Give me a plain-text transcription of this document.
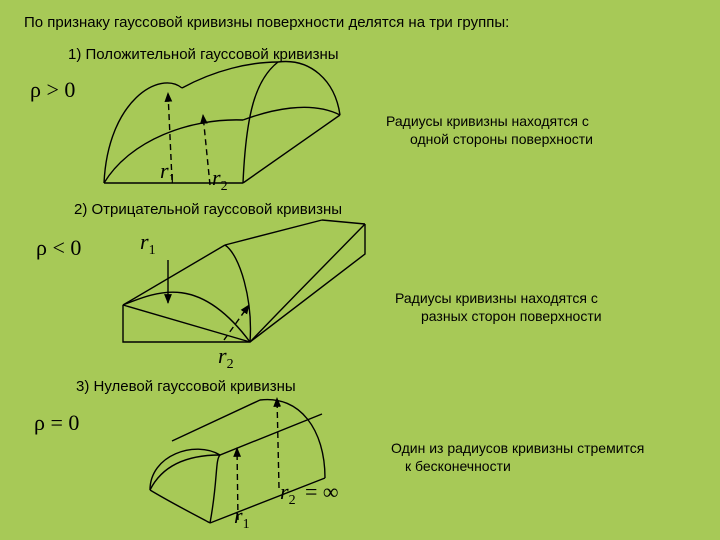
По признаку гауссовой кривизны поверхности делятся на три группы:
1) Положительной гауссовой кривизны
ρ > 0
Радиусы кривизны находятся с
одной стороны поверхности
2) Отрицательной гауссовой кривизны
ρ < 0
Радиусы кривизны находятся с
разных сторон поверхности
3) Нулевой гауссовой кривизны
ρ = 0
Один из радиусов кривизны стремится
к бесконечности
$r_1$ $r_2$
$r_1$
$r_2$
$r_2$ = ∞
$r_1$
